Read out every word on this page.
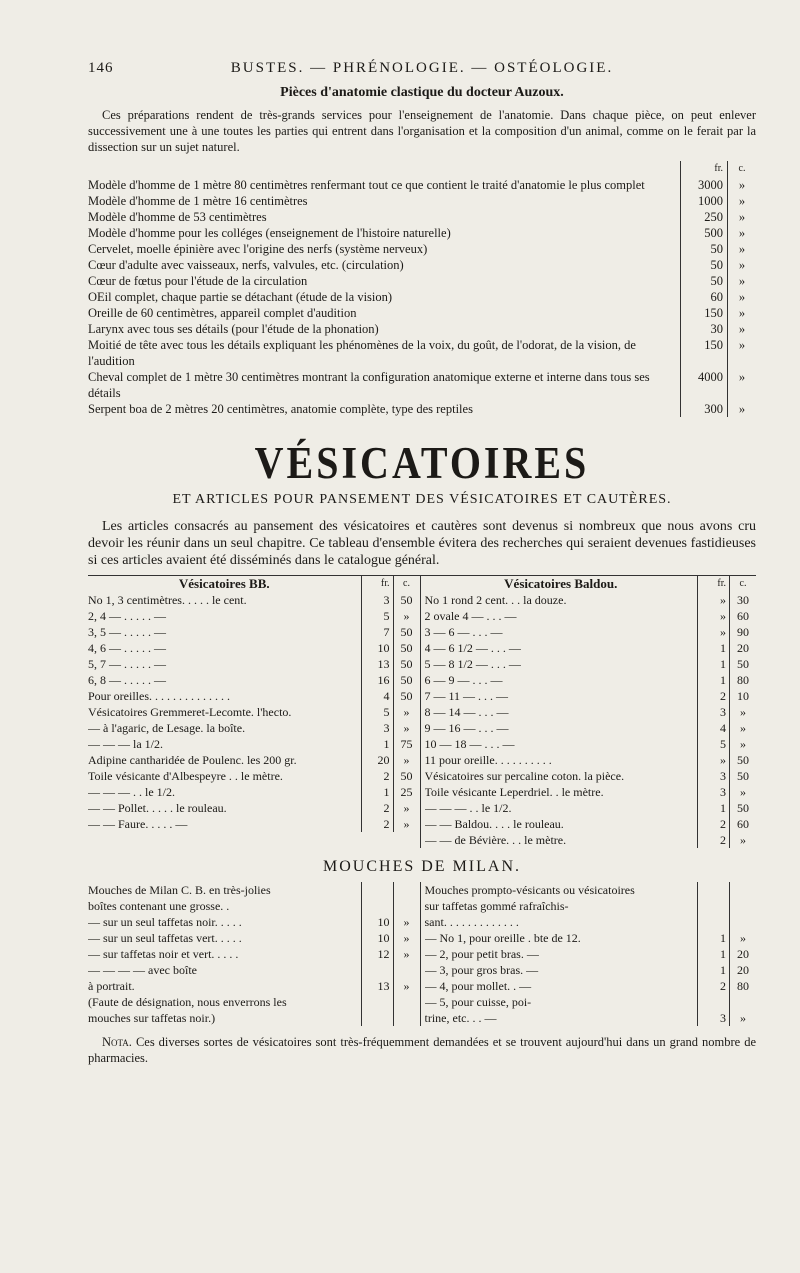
146	BUSTES. — PHRÉNOLOGIE. — OSTÉOLOGIE.
Pièces d'anatomie clastique du docteur Auzoux.

Ces préparations rendent de très-grands services pour l'enseignement de l'anatomie. Dans chaque pièce, on peut enlever successivement une à une toutes les parties qui entrent dans l'organisation et la composition d'un animal, comme on le ferait par la dissection sur un sujet naturel.

fr.	c.
Modèle d'homme de 1 mètre 80 centimètres renfermant tout ce que contient le traité d'anatomie le plus complet	3000	»
Modèle d'homme de 1 mètre 16 centimètres	1000	»
Modèle d'homme de 53 centimètres	250	»
Modèle d'homme pour les colléges (enseignement de l'histoire naturelle)	500	»
Cervelet, moelle épinière avec l'origine des nerfs (système nerveux)	50	»
Cœur d'adulte avec vaisseaux, nerfs, valvules, etc. (circulation)	50	»
Cœur de fœtus pour l'étude de la circulation	50	»
OEil complet, chaque partie se détachant (étude de la vision)	60	»
Oreille de 60 centimètres, appareil complet d'audition	150	»
Larynx avec tous ses détails (pour l'étude de la phonation)	30	»
Moitié de tête avec tous les détails expliquant les phénomènes de la voix, du goût, de l'odorat, de la vision, de l'audition
150	»
Cheval complet de 1 mètre 30 centimètres montrant la configuration anatomique externe et interne dans tous ses détails
4000	»
Serpent boa de 2 mètres 20 centimètres, anatomie complète, type des reptiles	300	»
VÉSICATOIRES
ET ARTICLES POUR PANSEMENT DES VÉSICATOIRES ET CAUTÈRES.

Les articles consacrés au pansement des vésicatoires et cautères sont devenus si nombreux que nous avons cru devoir les réunir dans un seul chapitre. Ce tableau d'ensemble évitera des recherches qui seraient devenues fastidieuses si ces articles avaient été disséminés dans le catalogue général.

Vésicatoires BB.	fr.	c.
No 1, 3 centimètres. . . . . le cent.	3 50
2, 4 — . . . . . —	5	»
3, 5 — . . . . . —	7 50
4, 6 — . . . . . —	10 50
5, 7 — . . . . . —	13 50
6, 8 — . . . . . —	16 50
Pour oreilles. . . . . . . . . . . . . .	4 50
Vésicatoires Gremmeret-Lecomte. l'hecto.	5	»
— à l'agaric, de Lesage. la boîte.	3	»
— — — la 1/2.	1 75
Adipine cantharidée de Poulenc. les 200 gr.	20	»
Toile vésicante d'Albespeyre . . le mètre.	2 50
— — — . . le 1/2.	1 25
— — Pollet. . . . . le rouleau.	2	»
— — Faure. . . . . —	2	»
Vésicatoires Baldou.	fr.	c.
No 1 rond 2 cent. . . la douze.	» 30
2 ovale 4 — . . . —	» 60
3 — 6 — . . . —	» 90
4 — 6 1/2 — . . . —	1 20
5 — 8 1/2 — . . . —	1 50
6 — 9 — . . . —	1 80
7 — 11 — . . . —	2 10
8 — 14 — . . . —	3	»
9 — 16 — . . . —	4	»
10 — 18 — . . . —	5	»
11 pour oreille. . . . . . . . . .	» 50
Vésicatoires sur percaline coton. la pièce.	3 50
Toile vésicante Leperdriel. . le mètre.	3	»
— — — . . le 1/2.	1 50
— — Baldou. . . . le rouleau.	2 60
— — de Bévière. . . le mètre.	2	»
MOUCHES DE MILAN.
Mouches de Milan C. B. en très-jolies
boîtes contenant une grosse. .
— sur un seul taffetas noir. . . . .	10	»
— sur un seul taffetas vert. . . . .	10	»
— sur taffetas noir et vert. . . . .	12	»
— — — — avec boîte
à portrait.	13	»
(Faute de désignation, nous enverrons les
mouches sur taffetas noir.)
Mouches prompto-vésicants ou vésicatoires
sur taffetas gommé rafraîchis-
sant. . . . . . . . . . . . .
— No 1, pour oreille . bte de 12.	1	»
— 2, pour petit bras. —	1 20
— 3, pour gros bras. —	1 20
— 4, pour mollet. . —	2 80
— 5, pour cuisse, poi-
trine, etc. . . —	3	»
Nota. Ces diverses sortes de vésicatoires sont très-fréquemment demandées et se trouvent aujourd'hui dans un grand nombre de pharmacies.
